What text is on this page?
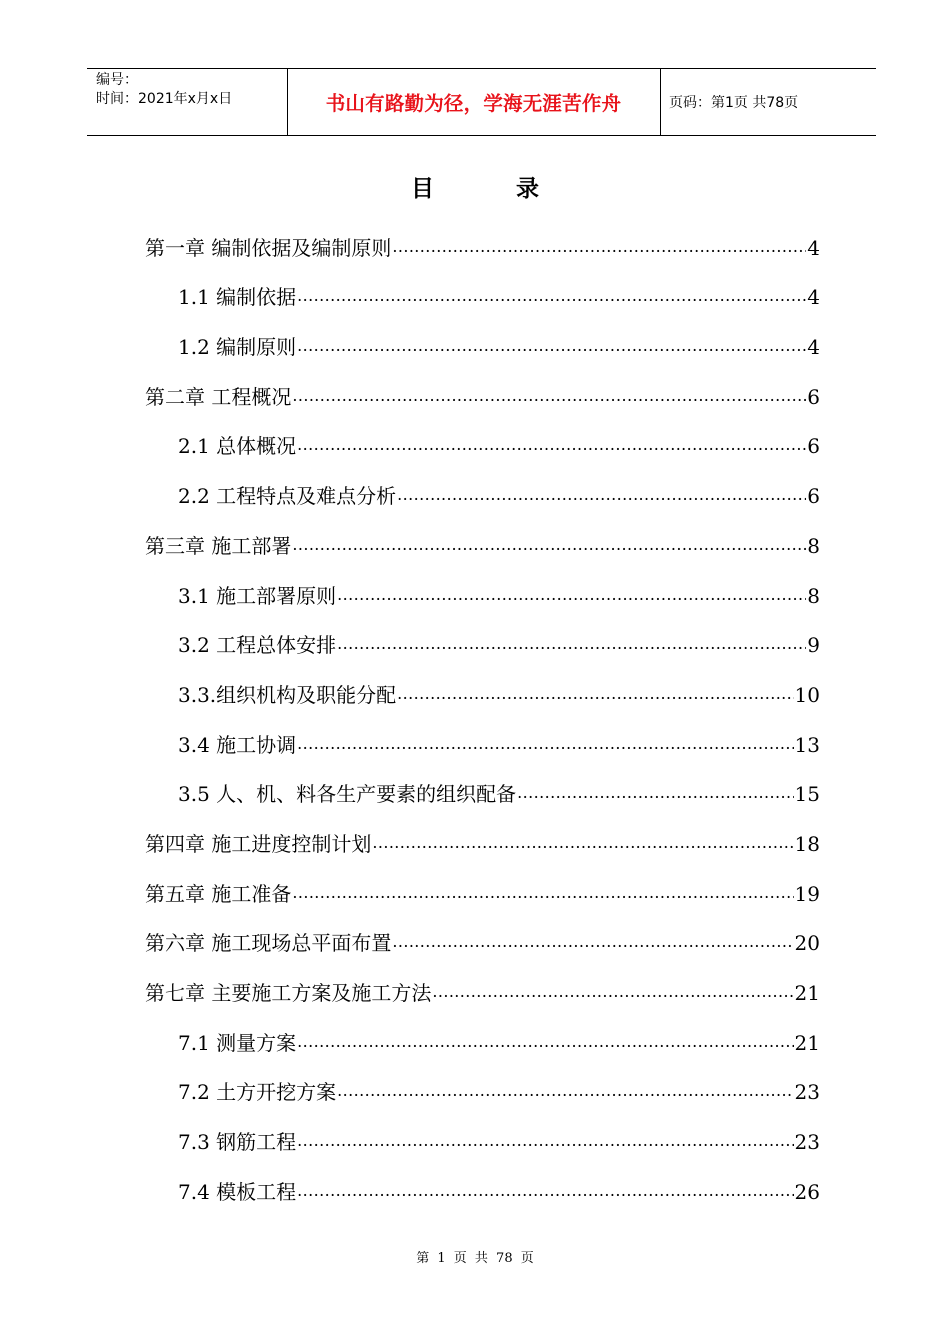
编号：
时间：2021年x月x日	书山有路勤为径，学海无涯苦作舟	页码：第1页 共78页
目	录
第一章 编制依据及编制原则 .....	4
1.1 编制依据 .....	4
1.2 编制原则 .....	4
第二章 工程概况 .....	6
2.1 总体概况 .....	6
2.2 工程特点及难点分析 .....	6
第三章 施工部署 .....	8
3.1 施工部署原则 .....	8
3.2 工程总体安排 .....	9
3.3.组织机构及职能分配 .....	10
3.4 施工协调 .....	13
3.5 人、机、料各生产要素的组织配备 .....	15
第四章 施工进度控制计划 .....	18
第五章 施工准备 .....	19
第六章 施工现场总平面布置 .....	20
第七章 主要施工方案及施工方法 .....	21
7.1 测量方案 .....	21
7.2 土方开挖方案 .....	23
7.3 钢筋工程 .....	23
7.4 模板工程 .....	26
第 1 页 共 78 页
